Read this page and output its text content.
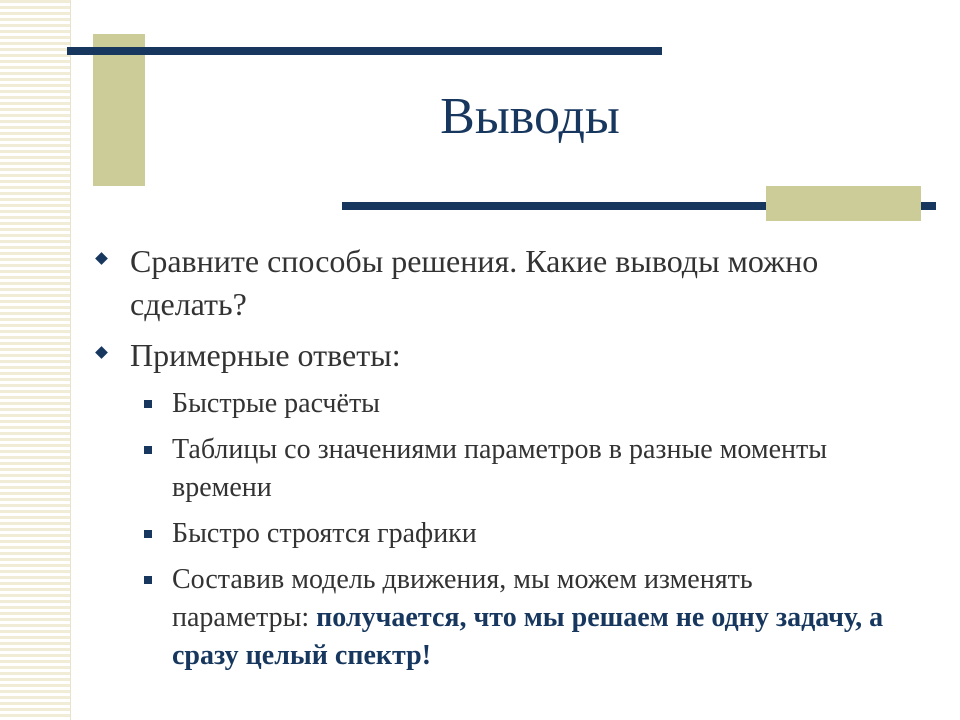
Выводы
Сравните способы решения. Какие выводы можно сделать?
Примерные ответы:
Быстрые расчёты
Таблицы со значениями параметров в разные моменты времени
Быстро строятся графики
Составив модель движения, мы можем изменять параметры: получается, что мы решаем не одну задачу, а сразу целый спектр!
